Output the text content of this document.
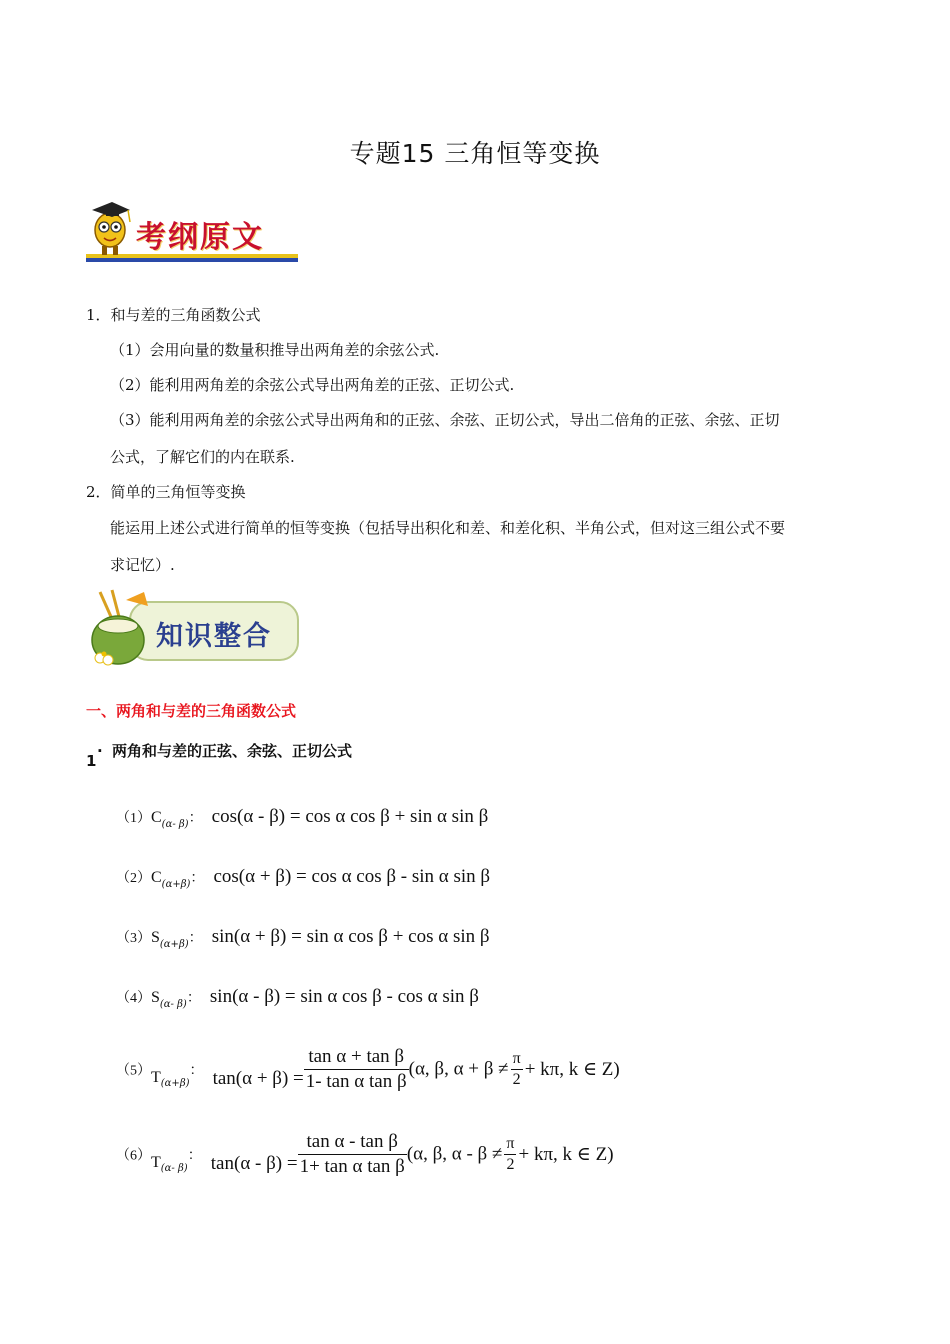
专题15 三角恒等变换
考纲原文
1．和与差的三角函数公式
（1）会用向量的数量积推导出两角差的余弦公式.
（2）能利用两角差的余弦公式导出两角差的正弦、正切公式.
（3）能利用两角差的余弦公式导出两角和的正弦、余弦、正切公式，导出二倍角的正弦、余弦、正切
公式，了解它们的内在联系.
2．简单的三角恒等变换
能运用上述公式进行简单的恒等变换（包括导出积化和差、和差化积、半角公式，但对这三组公式不要
求记忆）.
知识整合
一、两角和与差的三角函数公式
1
. 两角和与差的正弦、余弦、正切公式
$(1)C_{(\alpha- \beta)}$： cos(α - β) = cos α cos β + sin α sin β
$(2)C_{(\alpha+\beta)}$： cos(α + β) = cos α cos β - sin α sin β
$(3)S_{(\alpha+\beta)}$： sin(α + β) = sin α cos β + cos α sin β
$(4)S_{(\alpha- \beta)}$： sin(α - β) = sin α cos β - cos α sin β
$(5)T_{(\alpha+\beta)}$： $\tan(\alpha + \beta) = \frac{\text{tan α + tan β}}{\text{1- tan α tan β}} (\alpha$, β, $\alpha + \beta \ne \frac{\pi}{2} + k\pi$, k ∈ Z)
$(6)T_{(\alpha- \beta)}$： $\tan(\alpha - \beta) = \frac{\text{tan α - tan β}}{\text{1+ tan α tan β}} (\alpha$, β, $\alpha - \beta \ne \frac{\pi}{2} + k\pi$, k ∈ Z)
